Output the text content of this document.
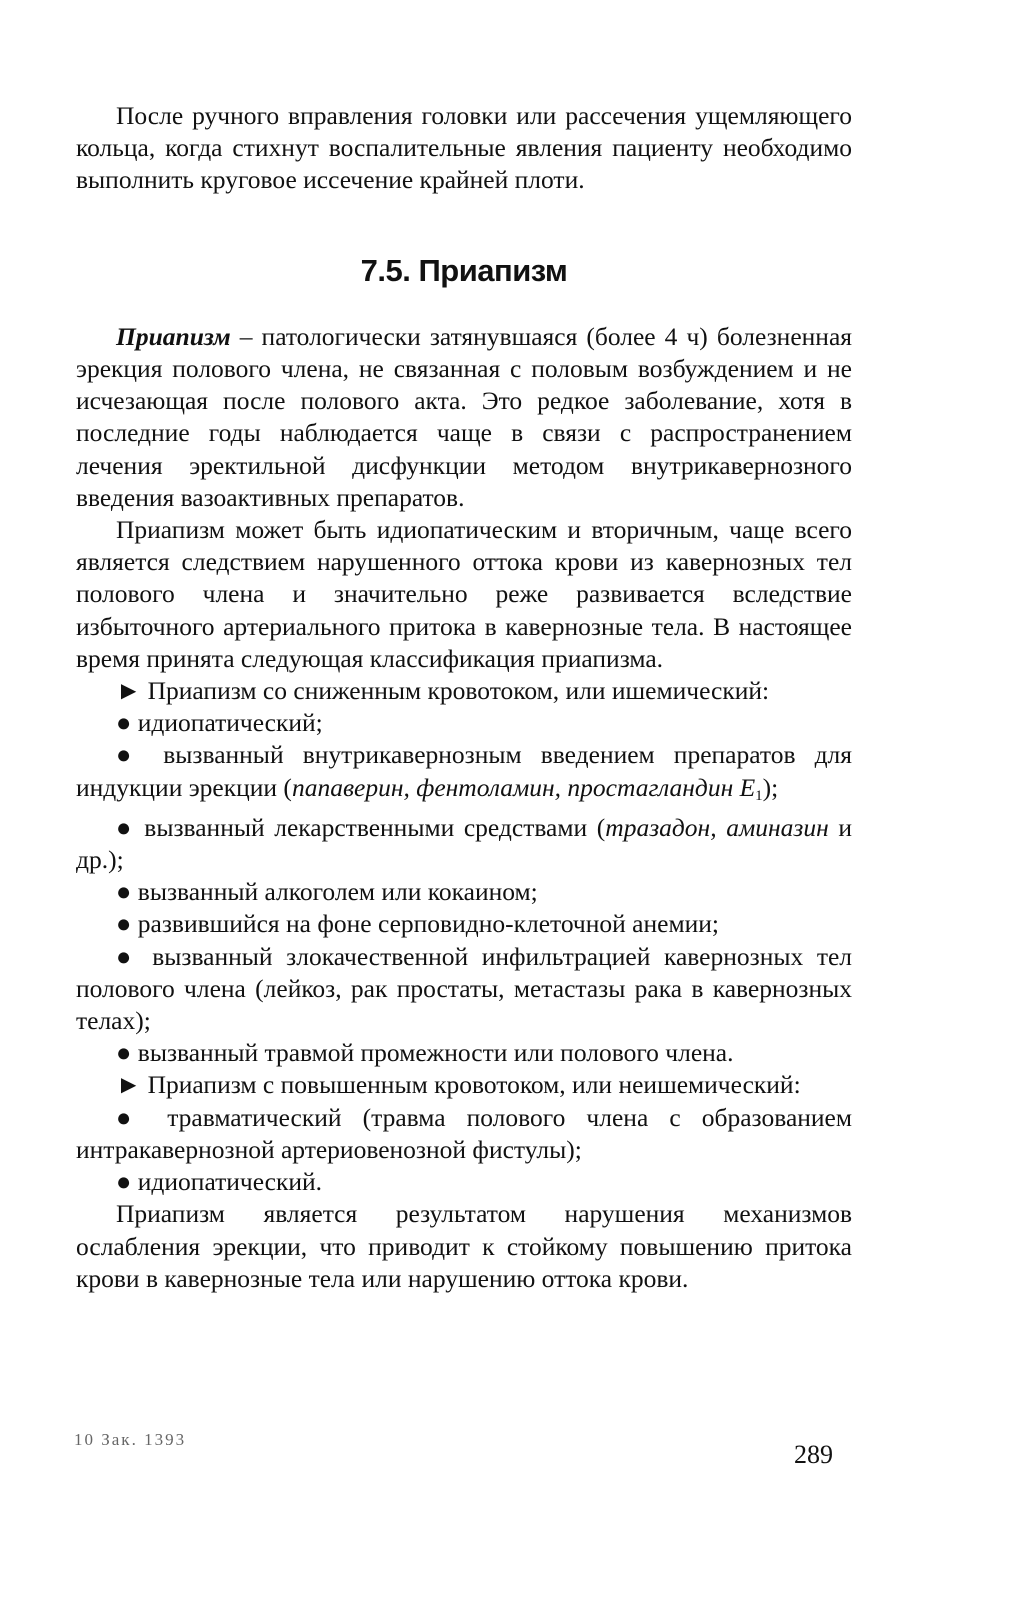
После ручного вправления головки или рассечения ущемляющего кольца, когда стихнут воспалительные явления пациенту необходимо выполнить круговое иссечение крайней плоти.

7.5. Приапизм

Приапизм – патологически затянувшаяся (более 4 ч) болезненная эрекция полового члена, не связанная с половым возбуждением и не исчезающая после полового акта. Это редкое заболевание, хотя в последние годы наблюдается чаще в связи с распространением лечения эректильной дисфункции методом внутрикавернозного введения вазоактивных препаратов.

Приапизм может быть идиопатическим и вторичным, чаще всего является следствием нарушенного оттока крови из кавернозных тел полового члена и значительно реже развивается вследствие избыточного артериального притока в кавернозные тела. В настоящее время принята следующая классификация приапизма.

► Приапизм со сниженным кровотоком, или ишемический:

● идиопатический;

● вызванный внутрикавернозным введением препаратов для индукции эрекции (папаверин, фентоламин, простагландин $E_1$);

● вызванный лекарственными средствами (тразадон, аминазин и др.);

● вызванный алкоголем или кокаином;

● развившийся на фоне серповидно-клеточной анемии;

● вызванный злокачественной инфильтрацией кавернозных тел полового члена (лейкоз, рак простаты, метастазы рака в кавернозных телах);

● вызванный травмой промежности или полового члена.

► Приапизм с повышенным кровотоком, или неишемический:

● травматический (травма полового члена с образованием интракавернозной артериовенозной фистулы);

● идиопатический.

Приапизм является результатом нарушения механизмов ослабления эрекции, что приводит к стойкому повышению притока крови в кавернозные тела или нарушению оттока крови.

10 Зак. 1393
289
